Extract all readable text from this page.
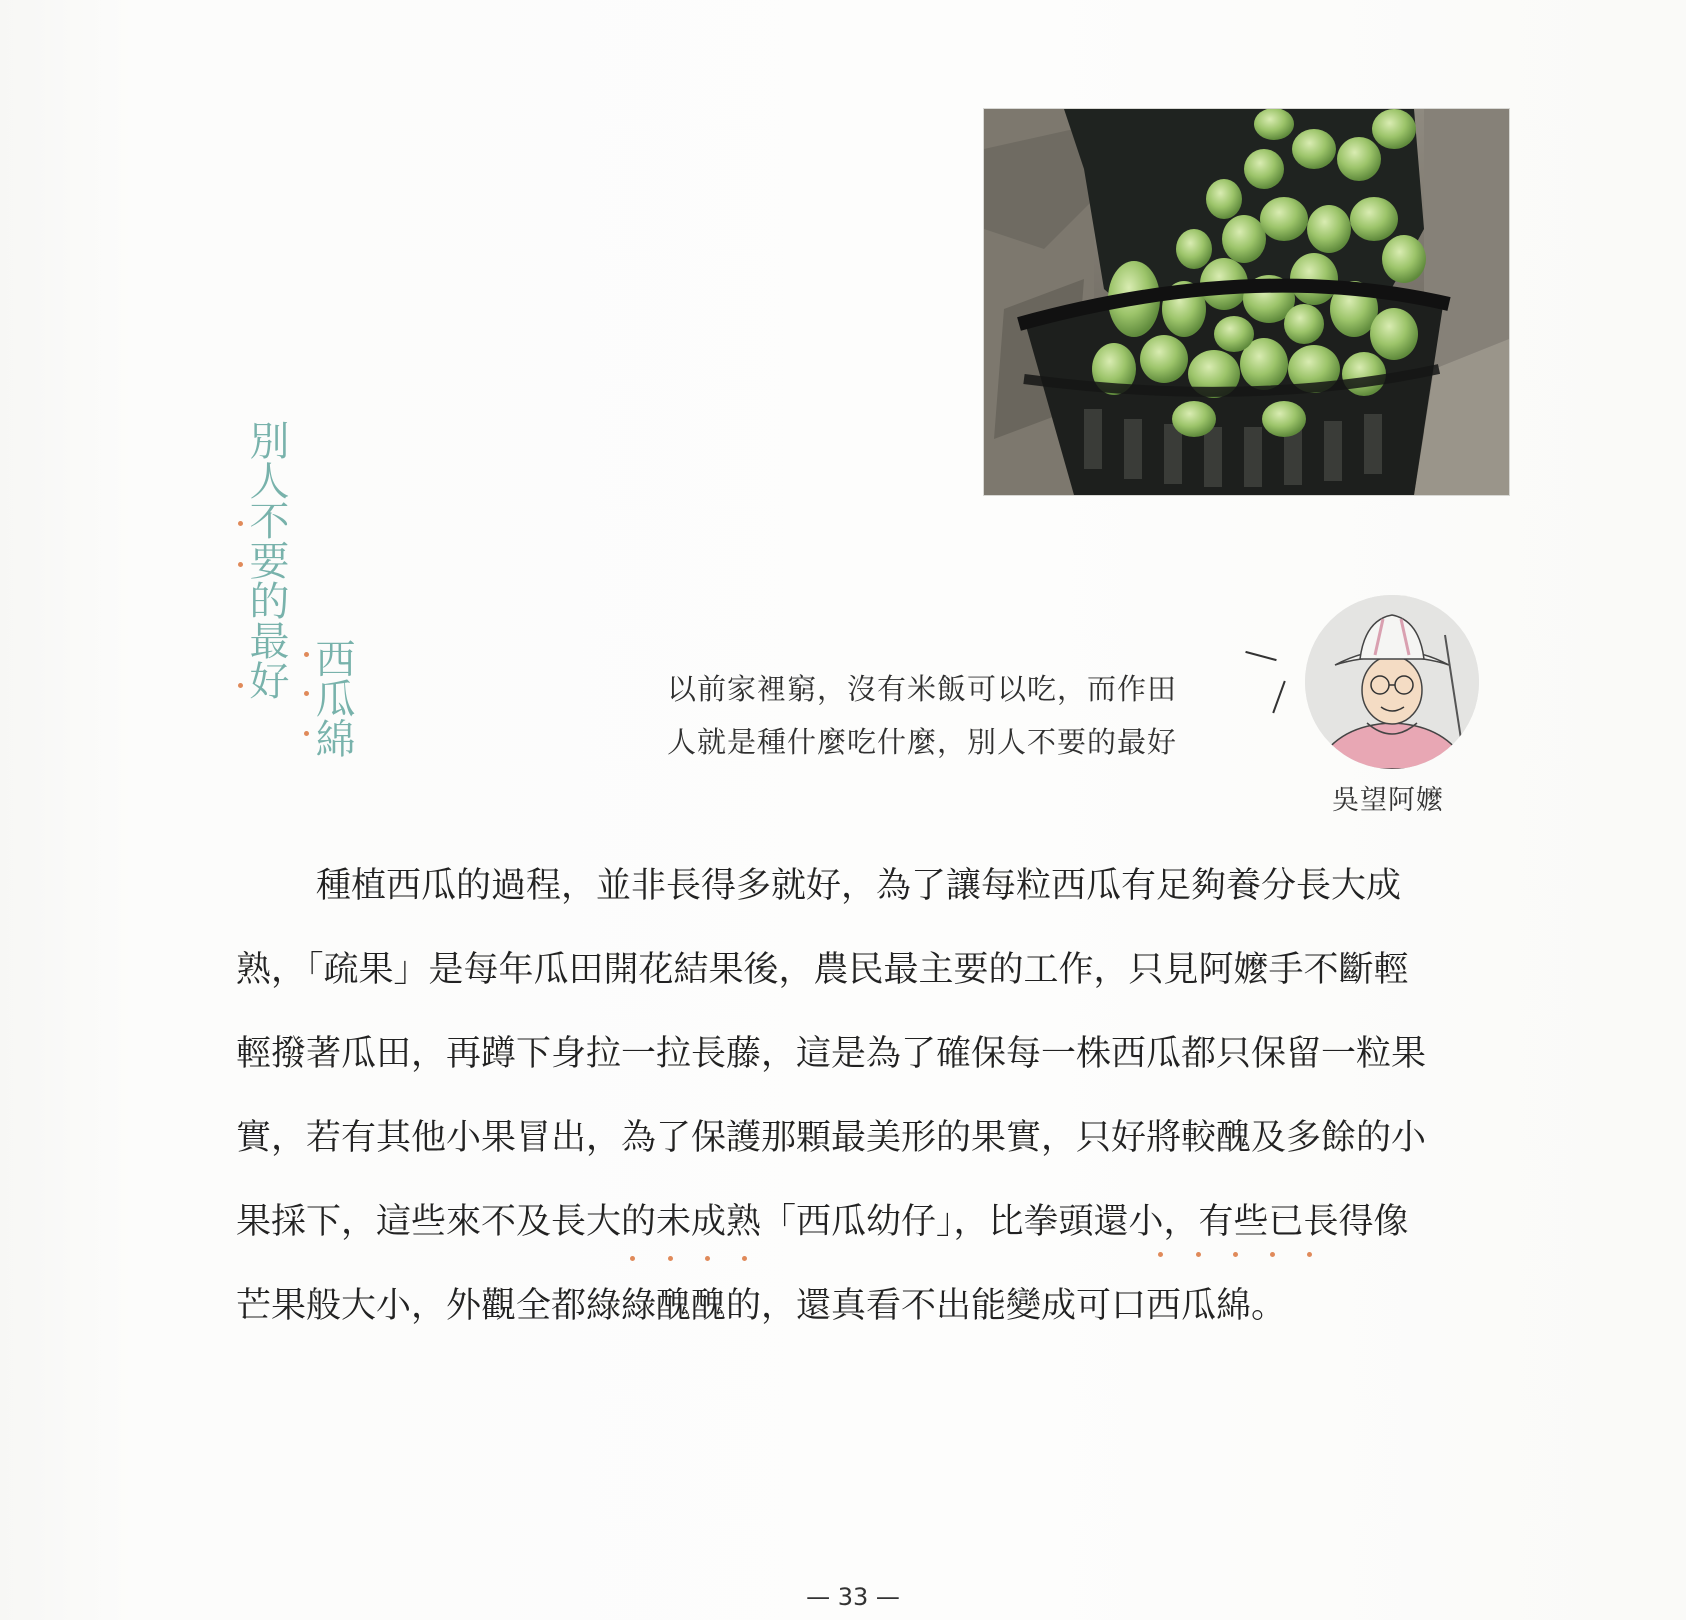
別人不要的最好 西瓜綿	以前家裡窮，沒有米飯可以吃，而作田
人就是種什麼吃什麼，別人不要的最好
吳望阿嬤
種植西瓜的過程，並非長得多就好，為了讓每粒西瓜有足夠養分長大成
熟，「疏果」是每年瓜田開花結果後，農民最主要的工作，只見阿嬤手不斷輕
輕撥著瓜田，再蹲下身拉一拉長藤，這是為了確保每一株西瓜都只保留一粒果
實，若有其他小果冒出，為了保護那顆最美形的果實，只好將較醜及多餘的小
果採下，這些來不及長大的未成熟「西瓜幼仔」，比拳頭還小，有些已長得像
芒果般大小，外觀全都綠綠醜醜的，還真看不出能變成可口西瓜綿。
— 33 —
